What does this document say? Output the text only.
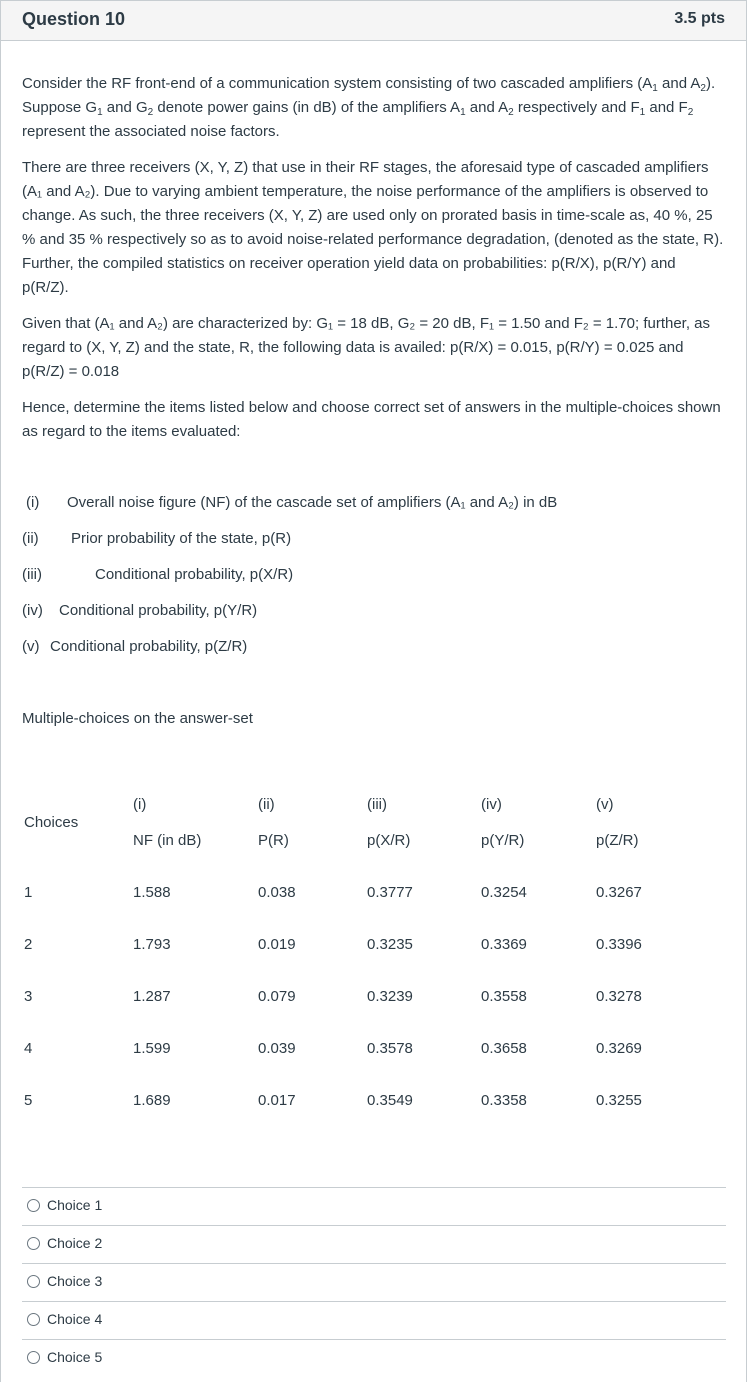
Question 10	3.5 pts

Consider the RF front-end of a communication system consisting of two cascaded amplifiers ($A_1$ and $A_2$). Suppose $G_1$ and $G_2$ denote power gains (in dB) of the amplifiers $A_1$ and $A_2$ respectively and $F_1$ and $F_2$ represent the associated noise factors.

There are three receivers (X, Y, Z) that use in their RF stages, the aforesaid type of cascaded amplifiers (A₁ and A₂). Due to varying ambient temperature, the noise performance of the amplifiers is observed to change. As such, the three receivers (X, Y, Z) are used only on prorated basis in time-scale as, 40 %, 25 % and 35 % respectively so as to avoid noise-related performance degradation, (denoted as the state, R). Further, the compiled statistics on receiver operation yield data on probabilities: p(R/X), p(R/Y) and p(R/Z).

Given that (A₁ and A₂) are characterized by: G₁ = 18 dB, G₂ = 20 dB, F₁ = 1.50 and F₂ = 1.70; further, as regard to (X, Y, Z) and the state, R, the following data is availed: p(R/X) = 0.015, p(R/Y) = 0.025 and p(R/Z) = 0.018

Hence, determine the items listed below and choose correct set of answers in the multiple-choices shown as regard to the items evaluated:

(i) Overall noise figure (NF) of the cascade set of amplifiers (A₁ and A₂) in dB
(ii) Prior probability of the state, p(R)
(iii)	Conditional probability, p(X/R)
(iv) Conditional probability, p(Y/R)
(v) Conditional probability, p(Z/R)
Multiple-choices on the answer-set
Choices
(i)	(ii)	(iii)	(iv)	(v)
NF (in dB)	P(R)	p(X/R)	p(Y/R)	p(Z/R)
1	1.588	0.038	0.3777	0.3254	0.3267
2	1.793	0.019	0.3235	0.3369	0.3396
3	1.287	0.079	0.3239	0.3558	0.3278
4	1.599	0.039	0.3578	0.3658	0.3269
5	1.689	0.017	0.3549	0.3358	0.3255
Choice 1
Choice 2
Choice 3
Choice 4
Choice 5
